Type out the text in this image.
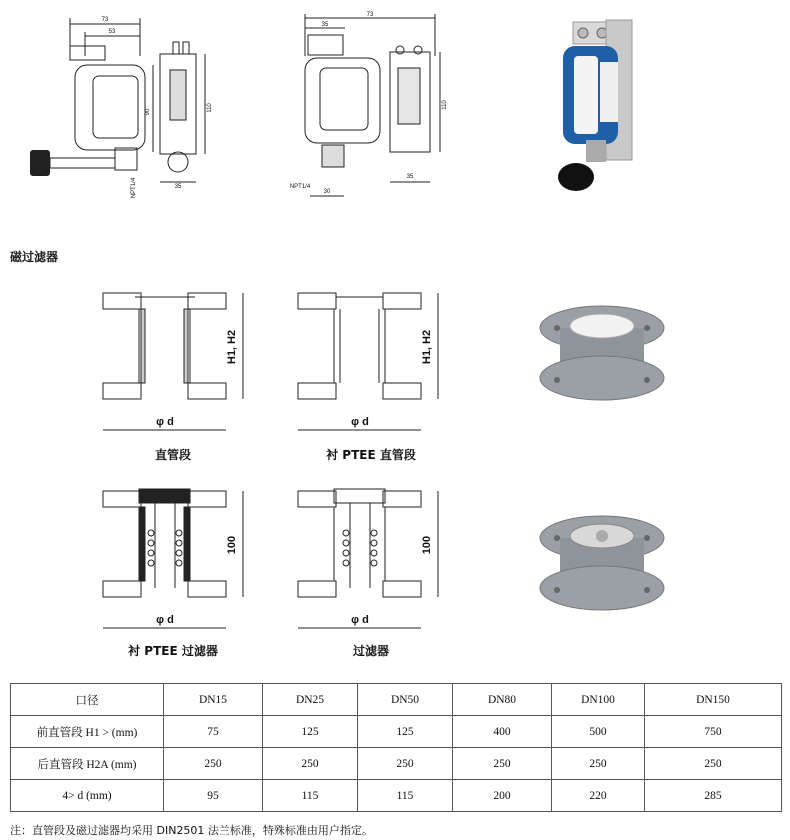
73
53
90	110
35
NPT1/4
73
35
110
35
NPT1/4
30
磁过滤器
H1, H2
φ d
直管段
H1, H2
φ d
衬 PTEE 直管段
100
φ d
衬 PTEE 过滤器
100
φ d
过滤器
口径	DN15	DN25	DN50	DN80	DN100	DN150
前直管段 H1 > (mm)	75	125	125	400	500	750
后直管段 H2A (mm)	250	250	250	250	250	250
4> d (mm)	95	115	115	200	220	285
注：直管段及磁过滤器均采用 DIN2501 法兰标准，特殊标准由用户指定。
